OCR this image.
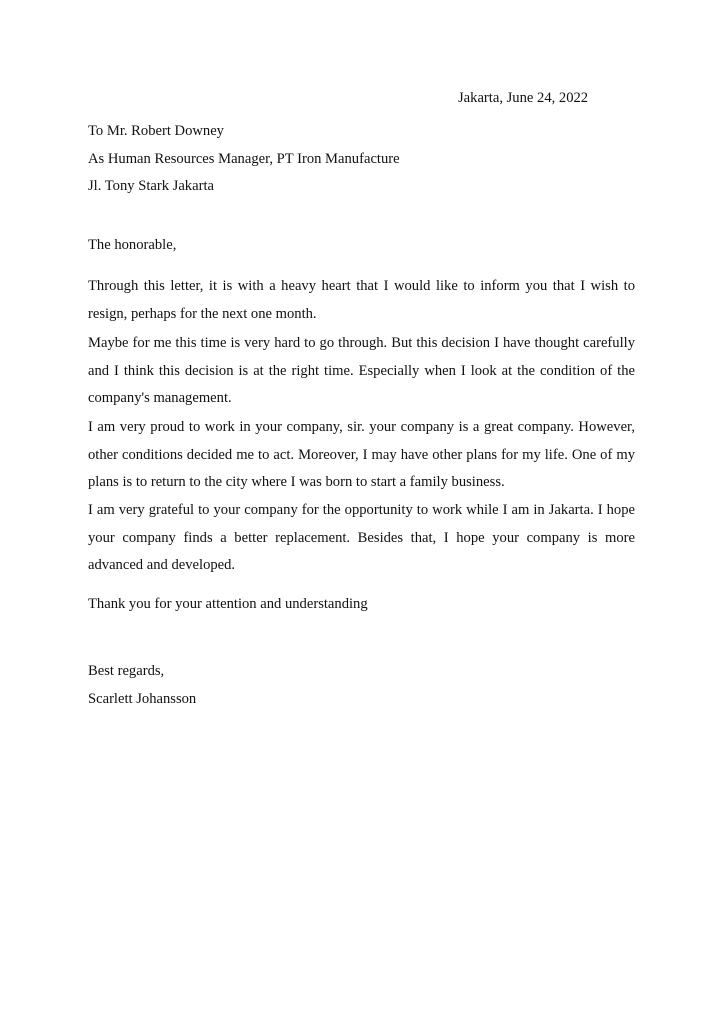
Jakarta, June 24, 2022
To Mr. Robert Downey
As Human Resources Manager, PT Iron Manufacture
Jl. Tony Stark Jakarta
The honorable,

Through this letter, it is with a heavy heart that I would like to inform you that I wish to resign, perhaps for the next one month.

Maybe for me this time is very hard to go through. But this decision I have thought carefully and I think this decision is at the right time. Especially when I look at the condition of the company's management.

I am very proud to work in your company, sir. your company is a great company. However, other conditions decided me to act. Moreover, I may have other plans for my life. One of my plans is to return to the city where I was born to start a family business.

I am very grateful to your company for the opportunity to work while I am in Jakarta. I hope your company finds a better replacement. Besides that, I hope your company is more advanced and developed.

Thank you for your attention and understanding

Best regards,
Scarlett Johansson
